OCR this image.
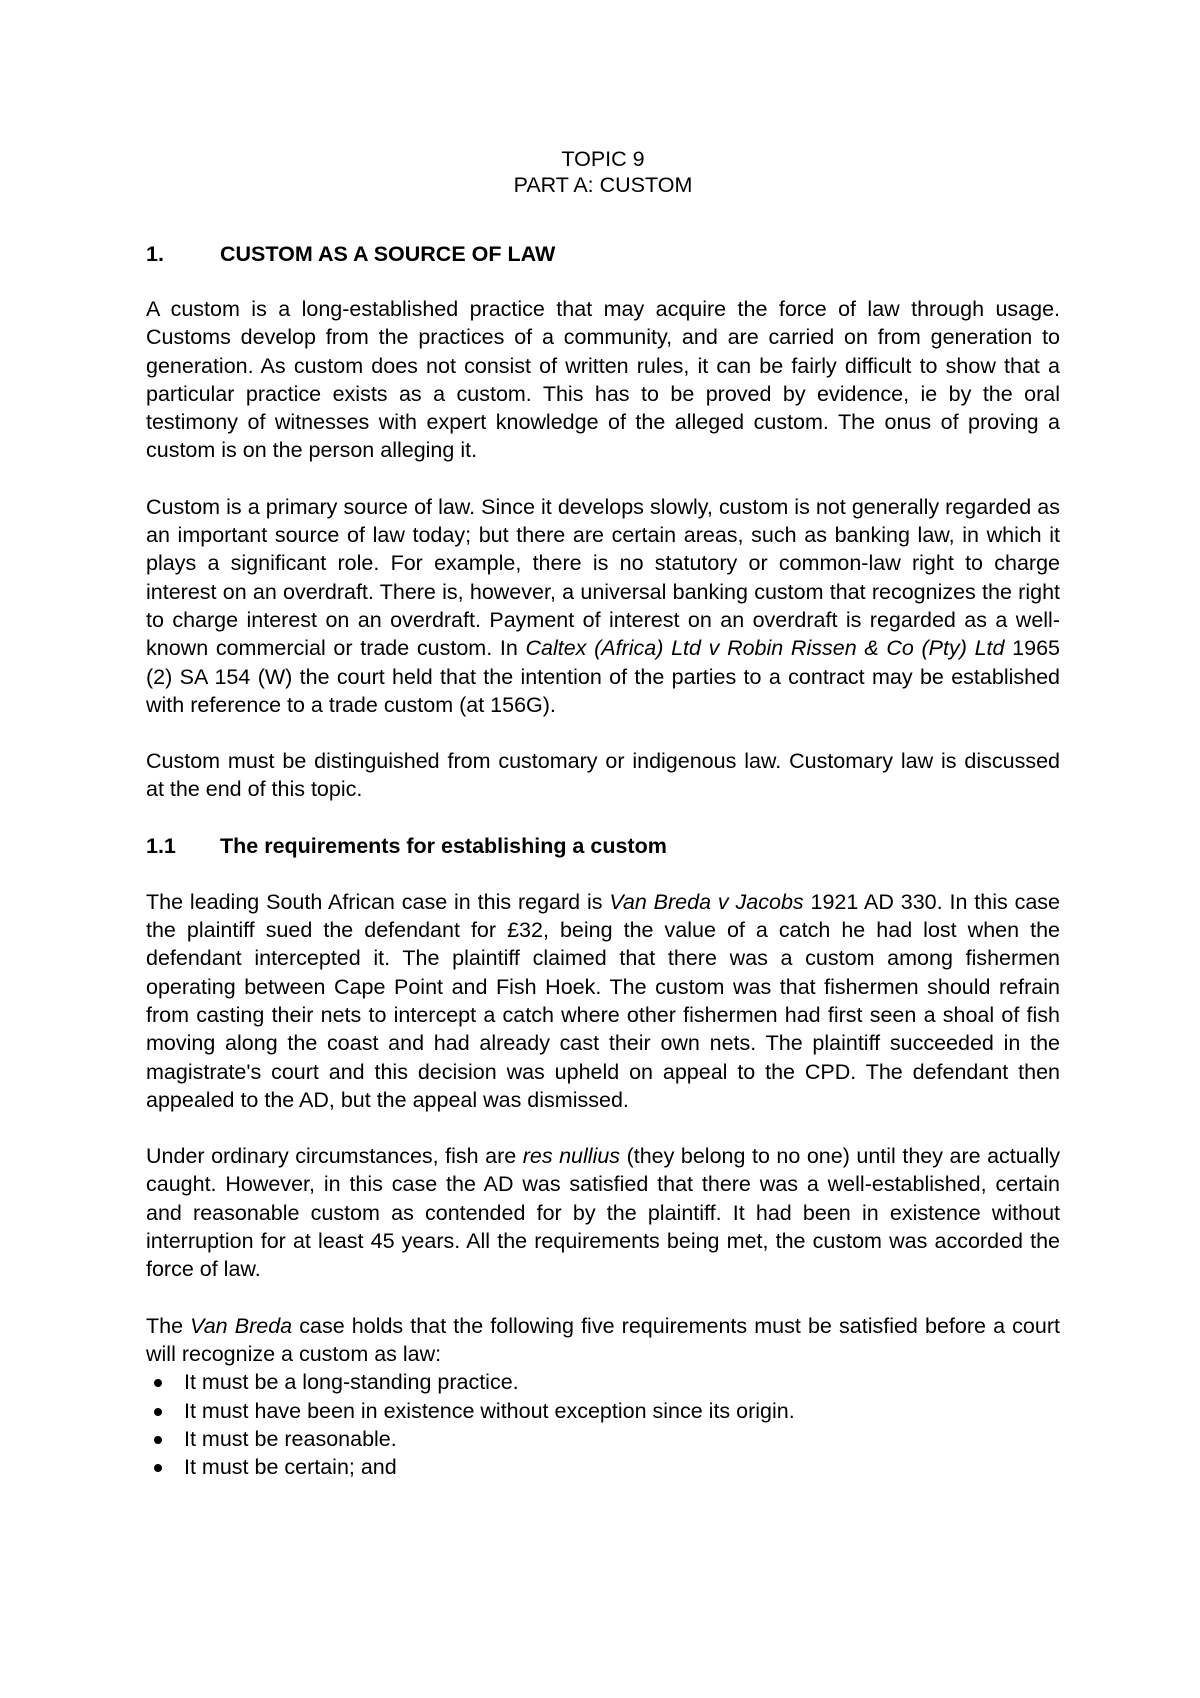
TOPIC 9
PART A: CUSTOM
1.	CUSTOM AS A SOURCE OF LAW

A custom is a long-established practice that may acquire the force of law through usage. Customs develop from the practices of a community, and are carried on from generation to generation. As custom does not consist of written rules, it can be fairly difficult to show that a particular practice exists as a custom. This has to be proved by evidence, ie by the oral testimony of witnesses with expert knowledge of the alleged custom. The onus of proving a custom is on the person alleging it.

Custom is a primary source of law. Since it develops slowly, custom is not generally regarded as an important source of law today; but there are certain areas, such as banking law, in which it plays a significant role. For example, there is no statutory or common-law right to charge interest on an overdraft. There is, however, a universal banking custom that recognizes the right to charge interest on an overdraft. Payment of interest on an overdraft is regarded as a well-known commercial or trade custom. In Caltex (Africa) Ltd v Robin Rissen & Co (Pty) Ltd 1965 (2) SA 154 (W) the court held that the intention of the parties to a contract may be established with reference to a trade custom (at 156G).

Custom must be distinguished from customary or indigenous law. Customary law is discussed at the end of this topic.

1.1	The requirements for establishing a custom

The leading South African case in this regard is Van Breda v Jacobs 1921 AD 330. In this case the plaintiff sued the defendant for £32, being the value of a catch he had lost when the defendant intercepted it. The plaintiff claimed that there was a custom among fishermen operating between Cape Point and Fish Hoek. The custom was that fishermen should refrain from casting their nets to intercept a catch where other fishermen had first seen a shoal of fish moving along the coast and had already cast their own nets. The plaintiff succeeded in the magistrate's court and this decision was upheld on appeal to the CPD. The defendant then appealed to the AD, but the appeal was dismissed.

Under ordinary circumstances, fish are res nullius (they belong to no one) until they are actually caught. However, in this case the AD was satisfied that there was a well-established, certain and reasonable custom as contended for by the plaintiff. It had been in existence without interruption for at least 45 years. All the requirements being met, the custom was accorded the force of law.

The Van Breda case holds that the following five requirements must be satisfied before a court will recognize a custom as law:

It must be a long-standing practice.
It must have been in existence without exception since its origin.
It must be reasonable.
It must be certain; and
